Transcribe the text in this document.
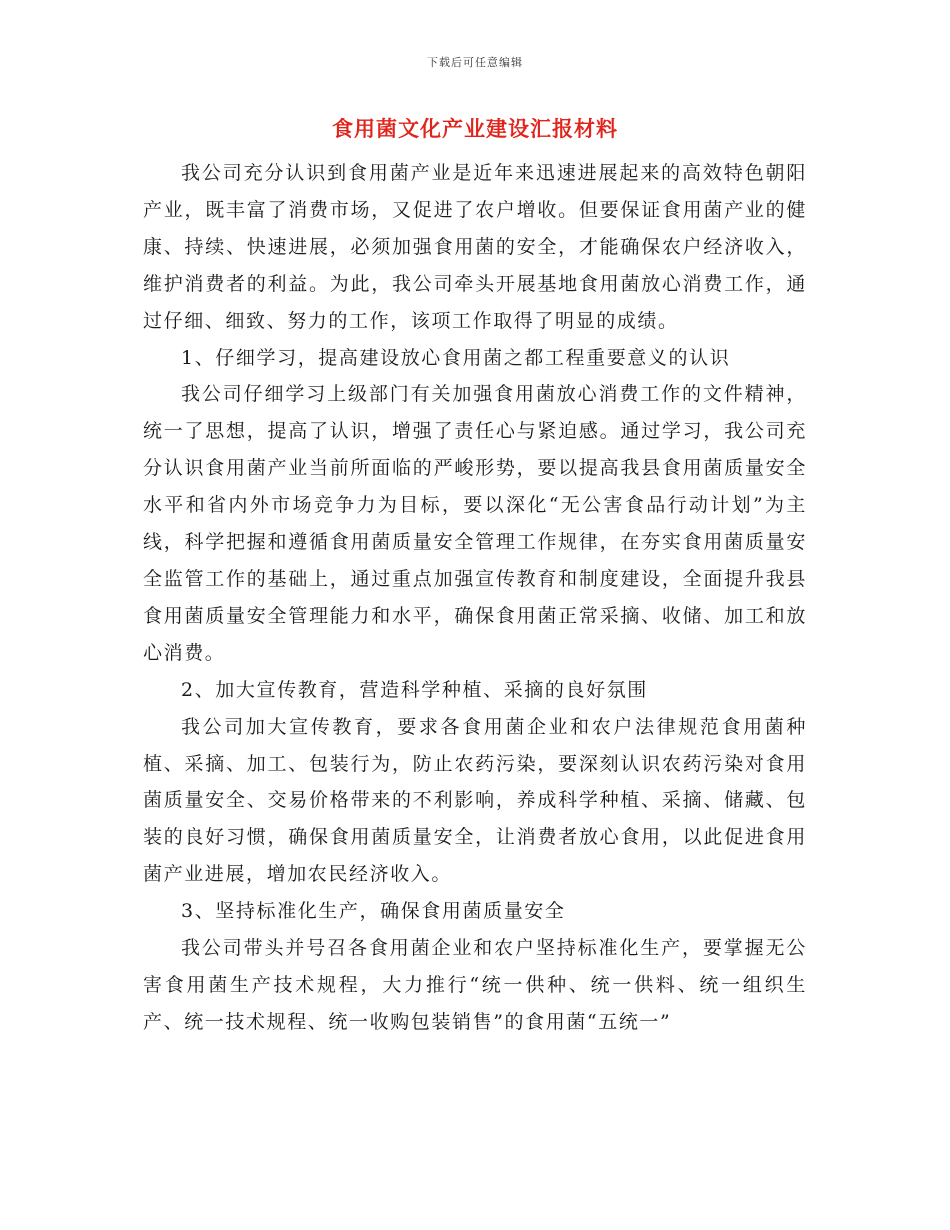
下载后可任意编辑
食用菌文化产业建设汇报材料

我公司充分认识到食用菌产业是近年来迅速进展起来的高效特色朝阳产业，既丰富了消费市场，又促进了农户增收。但要保证食用菌产业的健康、持续、快速进展，必须加强食用菌的安全，才能确保农户经济收入，维护消费者的利益。为此，我公司牵头开展基地食用菌放心消费工作，通过仔细、细致、努力的工作，该项工作取得了明显的成绩。

1、仔细学习，提高建设放心食用菌之都工程重要意义的认识

我公司仔细学习上级部门有关加强食用菌放心消费工作的文件精神，统一了思想，提高了认识，增强了责任心与紧迫感。通过学习，我公司充分认识食用菌产业当前所面临的严峻形势，要以提高我县食用菌质量安全水平和省内外市场竞争力为目标，要以深化“无公害食品行动计划”为主线，科学把握和遵循食用菌质量安全管理工作规律，在夯实食用菌质量安全监管工作的基础上，通过重点加强宣传教育和制度建设，全面提升我县食用菌质量安全管理能力和水平，确保食用菌正常采摘、收储、加工和放心消费。

2、加大宣传教育，营造科学种植、采摘的良好氛围

我公司加大宣传教育，要求各食用菌企业和农户法律规范食用菌种植、采摘、加工、包装行为，防止农药污染，要深刻认识农药污染对食用菌质量安全、交易价格带来的不利影响，养成科学种植、采摘、储藏、包装的良好习惯，确保食用菌质量安全，让消费者放心食用，以此促进食用菌产业进展，增加农民经济收入。

3、坚持标准化生产，确保食用菌质量安全

我公司带头并号召各食用菌企业和农户坚持标准化生产，要掌握无公害食用菌生产技术规程，大力推行“统一供种、统一供料、统一组织生产、统一技术规程、统一收购包装销售”的食用菌“五统一”
